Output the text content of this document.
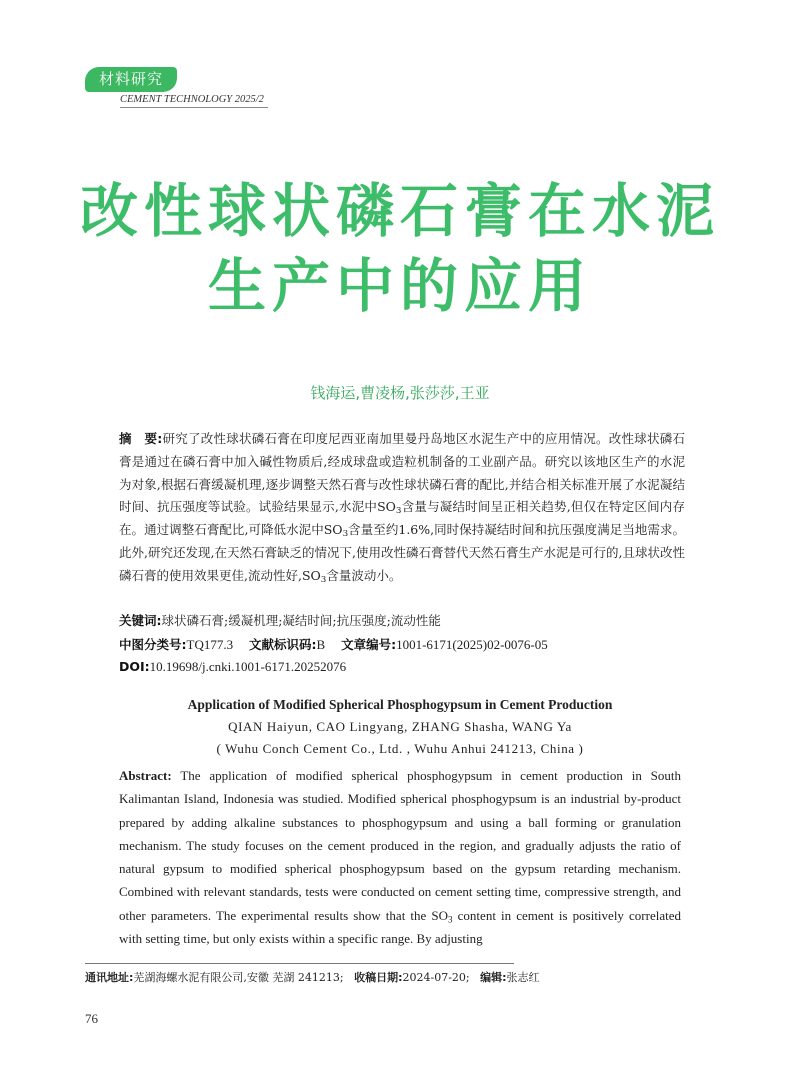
材料研究
CEMENT TECHNOLOGY 2025/2
改性球状磷石膏在水泥
生产中的应用
钱海运,曹凌杨,张莎莎,王亚
摘　要:研究了改性球状磷石膏在印度尼西亚南加里曼丹岛地区水泥生产中的应用情况。改性球状磷石膏是通过在磷石膏中加入碱性物质后,经成球盘或造粒机制备的工业副产品。研究以该地区生产的水泥为对象,根据石膏缓凝机理,逐步调整天然石膏与改性球状磷石膏的配比,并结合相关标准开展了水泥凝结时间、抗压强度等试验。试验结果显示,水泥中$SO_3$含量与凝结时间呈正相关趋势,但仅在特定区间内存在。通过调整石膏配比,可降低水泥中$SO_3$含量至约1.6%,同时保持凝结时间和抗压强度满足当地需求。此外,研究还发现,在天然石膏缺乏的情况下,使用改性磷石膏替代天然石膏生产水泥是可行的,且球状改性磷石膏的使用效果更佳,流动性好$,SO_3$含量波动小。
关键词:球状磷石膏;缓凝机理;凝结时间;抗压强度;流动性能
中图分类号:TQ177.3 文献标识码:B 文章编号:1001-6171(2025)02-0076-05
DOI:10.19698/j.cnki.1001-6171.20252076
Application of Modified Spherical Phosphogypsum in Cement Production
QIAN Haiyun, CAO Lingyang, ZHANG Shasha, WANG Ya
( Wuhu Conch Cement Co., Ltd. , Wuhu Anhui 241213, China )
Abstract: The application of modified spherical phosphogypsum in cement production in South Kalimantan Island, Indonesia was studied. Modified spherical phosphogypsum is an industrial by-product prepared by adding alkaline substances to phosphogypsum and using a ball forming or granulation mechanism. The study focuses on the cement produced in the region, and gradually adjusts the ratio of natural gypsum to modified spherical phosphogypsum based on the gypsum retarding mechanism. Combined with relevant standards, tests were conducted on cement setting time, compressive strength, and other parameters. The experimental results show that the $SO_3$ content in cement is positively correlated with setting time, but only exists within a specific range. By adjusting
通讯地址:芜湖海螺水泥有限公司,安徽 芜湖 241213; 收稿日期:2024-07-20; 编辑:张志红
76
